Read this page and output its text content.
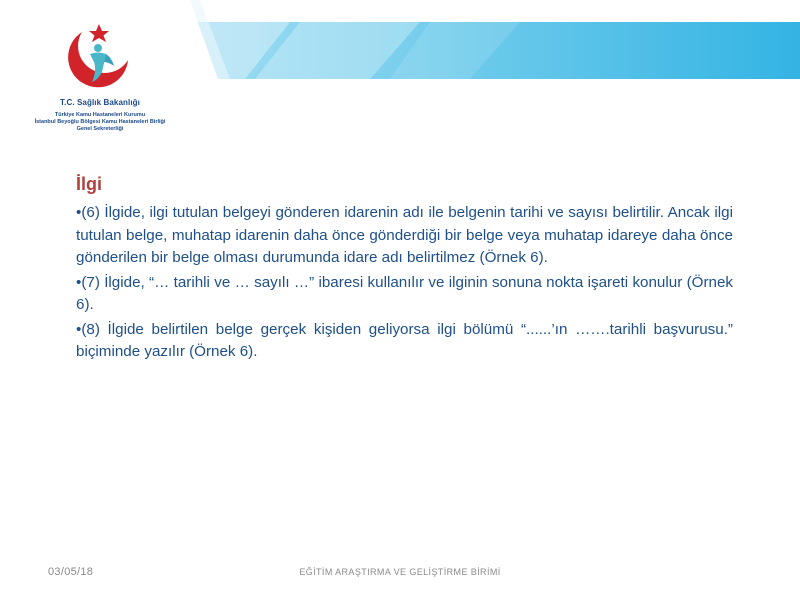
T.C. Sağlık Bakanlığı
Türkiye Kamu Hastaneleri Kurumu
İstanbul Beyoğlu Bölgesi Kamu Hastaneleri Birliği
Genel Sekreterliği
İlgi

•(6) İlgide, ilgi tutulan belgeyi gönderen idarenin adı ile belgenin tarihi ve sayısı belirtilir. Ancak ilgi tutulan belge, muhatap idarenin daha önce gönderdiği bir belge veya muhatap idareye daha önce gönderilen bir belge olması durumunda idare adı belirtilmez (Örnek 6).

•(7) İlgide, “… tarihli ve … sayılı …” ibaresi kullanılır ve ilginin sonuna nokta işareti konulur (Örnek 6).

•(8) İlgide belirtilen belge gerçek kişiden geliyorsa ilgi bölümü “......’ın …….tarihli başvurusu.” biçiminde yazılır (Örnek 6).

03/05/18	EĞİTİM ARAŞTIRMA VE GELİŞTİRME BİRİMİ
